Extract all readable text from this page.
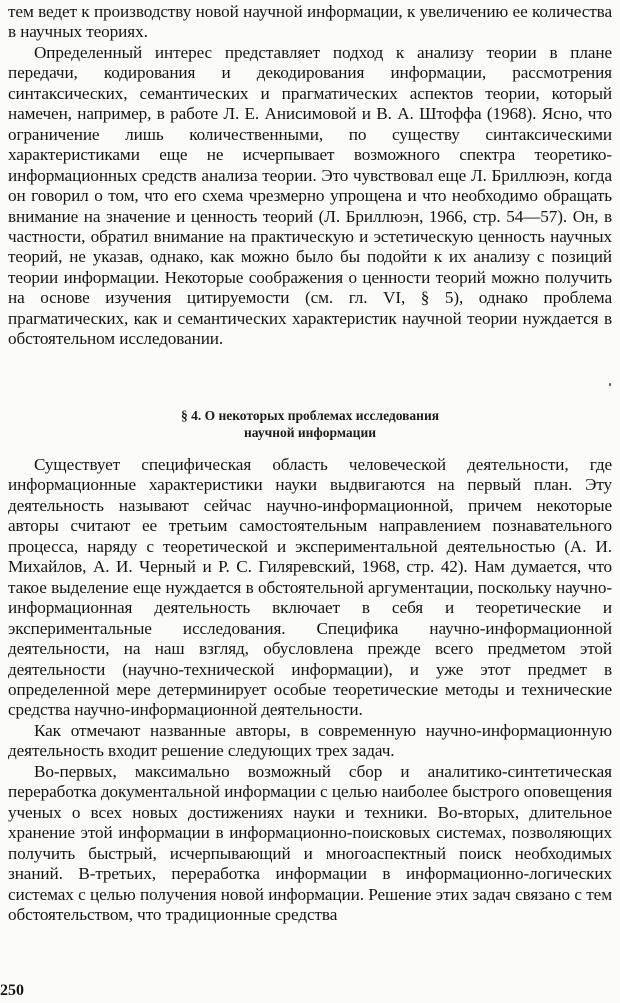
тем ведет к производству новой научной информации, к увеличению ее количества в научных теориях.

Определенный интерес представляет подход к анализу теории в плане передачи, кодирования и декодирования информации, рассмотрения синтаксических, семантических и прагматических аспектов теории, который намечен, например, в работе Л. Е. Анисимовой и В. А. Штоффа (1968). Ясно, что ограничение лишь количественными, по существу синтаксическими характеристиками еще не исчерпывает возможного спектра теоретико-информационных средств анализа теории. Это чувствовал еще Л. Бриллюэн, когда он говорил о том, что его схема чрезмерно упрощена и что необходимо обращать внимание на значение и ценность теорий (Л. Бриллюэн, 1966, стр. 54—57). Он, в частности, обратил внимание на практическую и эстетическую ценность научных теорий, не указав, однако, как можно было бы подойти к их анализу с позиций теории информации. Некоторые соображения о ценности теорий можно получить на основе изучения цитируемости (см. гл. VI, § 5), однако проблема прагматических, как и семантических характеристик научной теории нуждается в обстоятельном исследовании.

§ 4. О некоторых проблемах исследования
научной информации

Существует специфическая область человеческой деятельности, где информационные характеристики науки выдвигаются на первый план. Эту деятельность называют сейчас научно-информационной, причем некоторые авторы считают ее третьим самостоятельным направлением познавательного процесса, наряду с теоретической и экспериментальной деятельностью (А. И. Михайлов, А. И. Черный и Р. С. Гиляревский, 1968, стр. 42). Нам думается, что такое выделение еще нуждается в обстоятельной аргументации, поскольку научно-информационная деятельность включает в себя и теоретические и экспериментальные исследования. Специфика научно-информационной деятельности, на наш взгляд, обусловлена прежде всего предметом этой деятельности (научно-технической информации), и уже этот предмет в определенной мере детерминирует особые теоретические методы и технические средства научно-информационной деятельности.

Как отмечают названные авторы, в современную научно-информационную деятельность входит решение следующих трех задач.

Во-первых, максимально возможный сбор и аналитико-синтетическая переработка документальной информации с целью наиболее быстрого оповещения ученых о всех новых достижениях науки и техники. Во-вторых, длительное хранение этой информации в информационно-поисковых системах, позволяющих получить быстрый, исчерпывающий и многоаспектный поиск необходимых знаний. В-третьих, переработка информации в информационно-логических системах с целью получения новой информации. Решение этих задач связано с тем обстоятельством, что традиционные средства

250
